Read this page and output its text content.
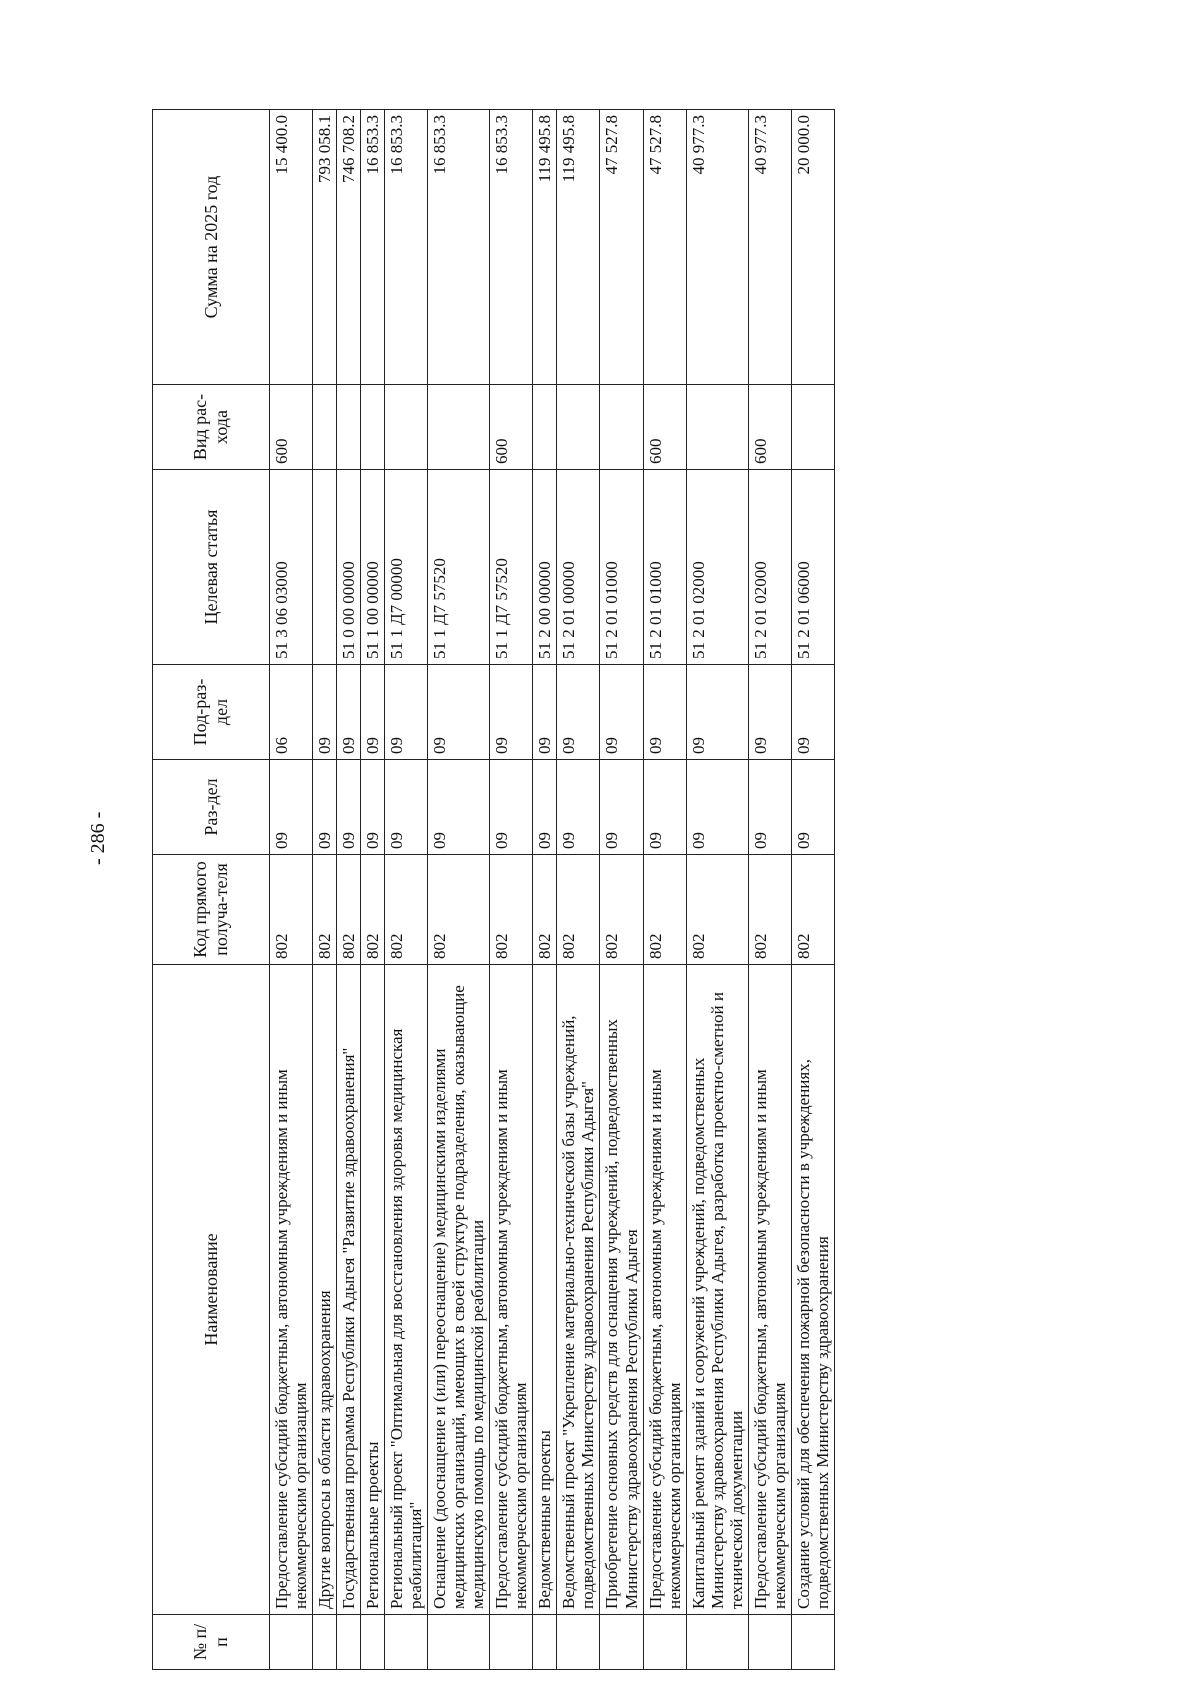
- 286 -
№ п/п	Наименование	Код прямого получа-теля	Раз-дел	Под-раз-дел	Целевая статья	Вид рас-хода	Сумма на 2025 год
	Предоставление субсидий бюджетным, автономным учреждениям и иным некоммерческим организациям	802	09	06	51 3 06 03000	600	15 400.0
	Другие вопросы в области здравоохранения	802	09	09			793 058.1
	Государственная программа Республики Адыгея "Развитие здравоохранения"	802	09	09	51 0 00 00000		746 708.2
	Региональные проекты	802	09	09	51 1 00 00000		16 853.3
	Региональный проект "Оптимальная для восстановления здоровья медицинская реабилитация"	802	09	09	51 1 Д7 00000		16 853.3
	Оснащение (дооснащение и (или) переоснащение) медицинскими изделиями медицинских организаций, имеющих в своей структуре подразделения, оказывающие медицинскую помощь по медицинской реабилитации	802	09	09	51 1 Д7 57520		16 853.3
	Предоставление субсидий бюджетным, автономным учреждениям и иным некоммерческим организациям	802	09	09	51 1 Д7 57520	600	16 853.3
	Ведомственные проекты	802	09	09	51 2 00 00000		119 495.8
	Ведомственный проект "Укрепление материально-технической базы учреждений, подведомственных Министерству здравоохранения Республики Адыгея"	802	09	09	51 2 01 00000		119 495.8
	Приобретение основных средств для оснащения учреждений, подведомственных Министерству здравоохранения Республики Адыгея	802	09	09	51 2 01 01000		47 527.8
	Предоставление субсидий бюджетным, автономным учреждениям и иным некоммерческим организациям	802	09	09	51 2 01 01000	600	47 527.8
	Капитальный ремонт зданий и сооружений учреждений, подведомственных Министерству здравоохранения Республики Адыгея, разработка проектно-сметной и технической документации	802	09	09	51 2 01 02000		40 977.3
	Предоставление субсидий бюджетным, автономным учреждениям и иным некоммерческим организациям	802	09	09	51 2 01 02000	600	40 977.3
	Создание условий для обеспечения пожарной безопасности в учреждениях, подведомственных Министерству здравоохранения	802	09	09	51 2 01 06000		20 000.0
